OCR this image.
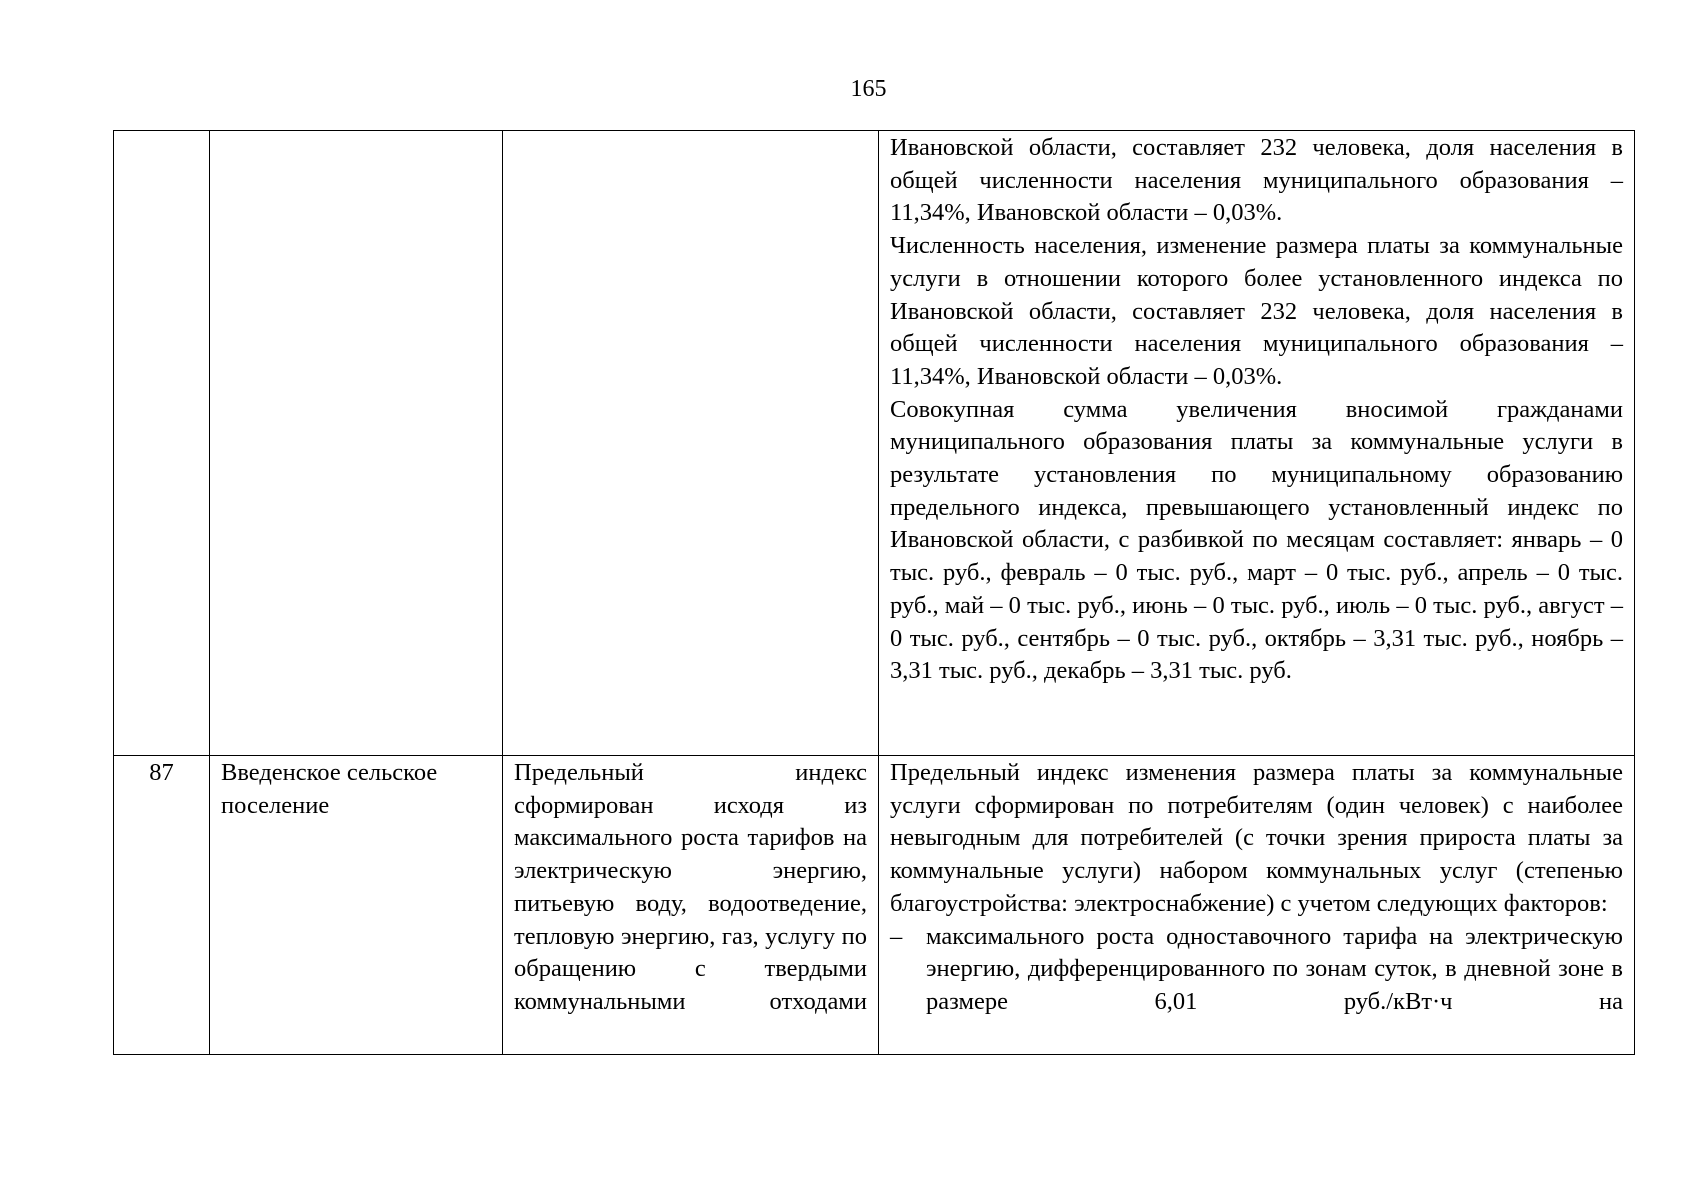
165

			Ивановской области, составляет 232 человека, доля населения в общей численности населения муниципального образования – 11,34%, Ивановской области – 0,03%.
Численность населения, изменение размера платы за коммунальные услуги в отношении которого более установленного индекса по Ивановской области, составляет 232 человека, доля населения в общей численности населения муниципального образования – 11,34%, Ивановской области – 0,03%.
Совокупная сумма увеличения вносимой гражданами муниципального образования платы за коммунальные услуги в результате установления по муниципальному образованию предельного индекса, превышающего установленный индекс по Ивановской области, с разбивкой по месяцам составляет: январь – 0 тыс. руб., февраль – 0 тыс. руб., март – 0 тыс. руб., апрель – 0 тыс. руб., май – 0 тыс. руб., июнь – 0 тыс. руб., июль – 0 тыс. руб., август – 0 тыс. руб., сентябрь – 0 тыс. руб., октябрь – 3,31 тыс. руб., ноябрь – 3,31 тыс. руб., декабрь – 3,31 тыс. руб.

87	Введенское сельское поселение	Предельный индекс сформирован исходя из максимального роста тарифов на электрическую энергию, питьевую воду, водоотведение, тепловую энергию, газ, услугу по обращению с твердыми коммунальными отходами	Предельный индекс изменения размера платы за коммунальные услуги сформирован по потребителям (один человек) с наиболее невыгодным для потребителей (с точки зрения прироста платы за коммунальные услуги) набором коммунальных услуг (степенью благоустройства: электроснабжение) с учетом следующих факторов:
– максимального роста одноставочного тарифа на электрическую энергию, дифференцированного по зонам суток, в дневной зоне в размере 6,01 руб./кВт·ч на
